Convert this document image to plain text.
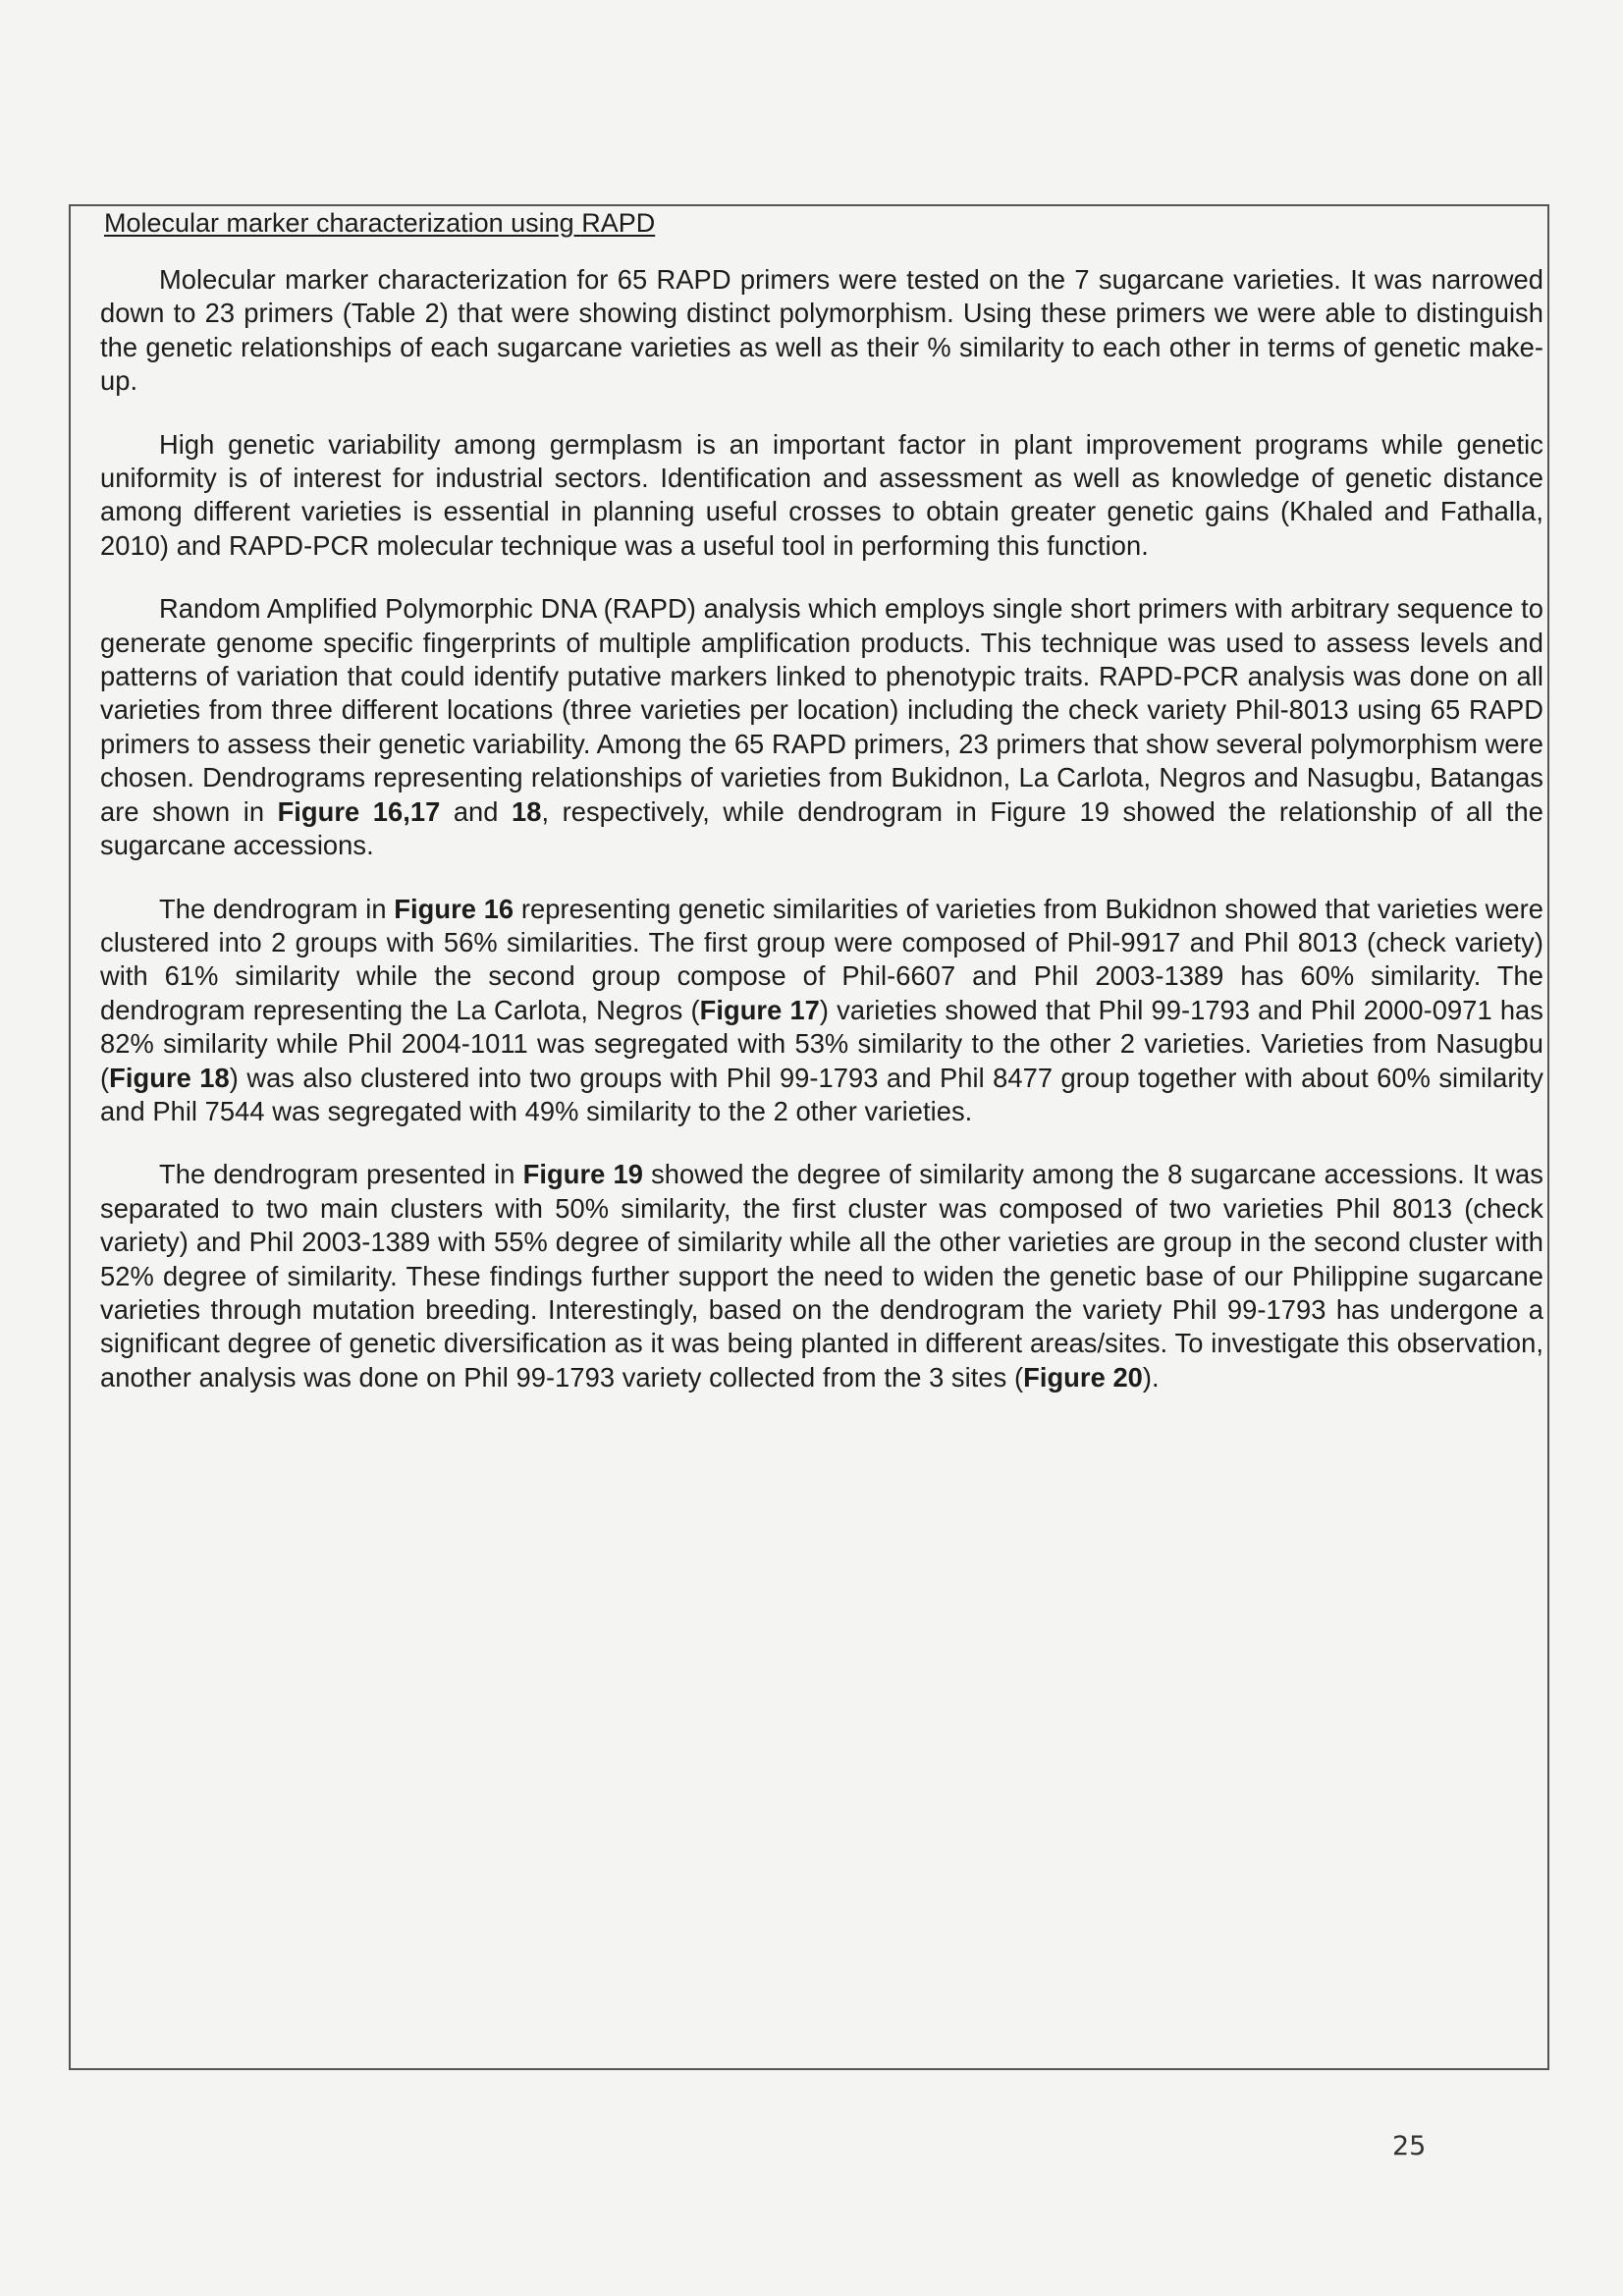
Molecular marker characterization using RAPD

Molecular marker characterization for 65 RAPD primers were tested on the 7 sugarcane varieties. It was narrowed down to 23 primers (Table 2) that were showing distinct polymorphism. Using these primers we were able to distinguish the genetic relationships of each sugarcane varieties as well as their % similarity to each other in terms of genetic make-up.

High genetic variability among germplasm is an important factor in plant improvement programs while genetic uniformity is of interest for industrial sectors. Identification and assessment as well as knowledge of genetic distance among different varieties is essential in planning useful crosses to obtain greater genetic gains (Khaled and Fathalla, 2010) and RAPD-PCR molecular technique was a useful tool in performing this function.

Random Amplified Polymorphic DNA (RAPD) analysis which employs single short primers with arbitrary sequence to generate genome specific fingerprints of multiple amplification products. This technique was used to assess levels and patterns of variation that could identify putative markers linked to phenotypic traits. RAPD-PCR analysis was done on all varieties from three different locations (three varieties per location) including the check variety Phil-8013 using 65 RAPD primers to assess their genetic variability. Among the 65 RAPD primers, 23 primers that show several polymorphism were chosen. Dendrograms representing relationships of varieties from Bukidnon, La Carlota, Negros and Nasugbu, Batangas are shown in Figure 16,17 and 18, respectively, while dendrogram in Figure 19 showed the relationship of all the sugarcane accessions.

The dendrogram in Figure 16 representing genetic similarities of varieties from Bukidnon showed that varieties were clustered into 2 groups with 56% similarities. The first group were composed of Phil-9917 and Phil 8013 (check variety) with 61% similarity while the second group compose of Phil-6607 and Phil 2003-1389 has 60% similarity. The dendrogram representing the La Carlota, Negros (Figure 17) varieties showed that Phil 99-1793 and Phil 2000-0971 has 82% similarity while Phil 2004-1011 was segregated with 53% similarity to the other 2 varieties. Varieties from Nasugbu (Figure 18) was also clustered into two groups with Phil 99-1793 and Phil 8477 group together with about 60% similarity and Phil 7544 was segregated with 49% similarity to the 2 other varieties.

The dendrogram presented in Figure 19 showed the degree of similarity among the 8 sugarcane accessions. It was separated to two main clusters with 50% similarity, the first cluster was composed of two varieties Phil 8013 (check variety) and Phil 2003-1389 with 55% degree of similarity while all the other varieties are group in the second cluster with 52% degree of similarity. These findings further support the need to widen the genetic base of our Philippine sugarcane varieties through mutation breeding. Interestingly, based on the dendrogram the variety Phil 99-1793 has undergone a significant degree of genetic diversification as it was being planted in different areas/sites. To investigate this observation, another analysis was done on Phil 99-1793 variety collected from the 3 sites (Figure 20).

25
